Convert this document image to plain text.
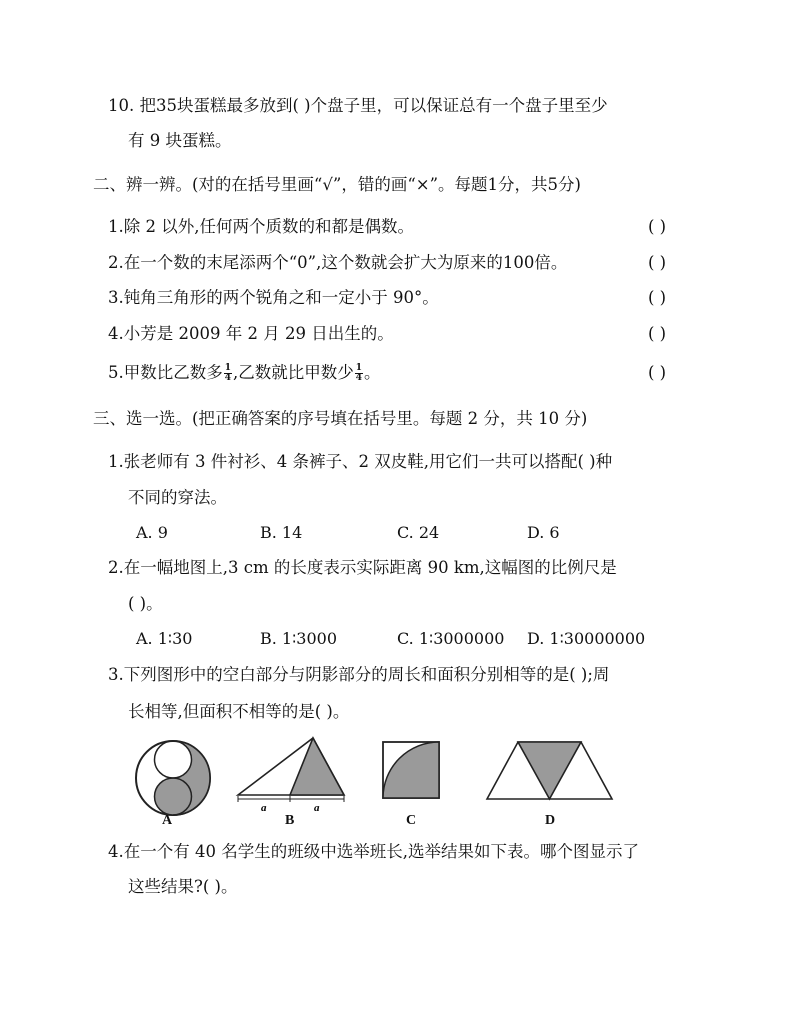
10. 把35块蛋糕最多放到( )个盘子里，可以保证总有一个盘子里至少
有 9 块蛋糕。
二、辨一辨。(对的在括号里画“√”，错的画“×”。每题1分，共5分)
1.除 2 以外,任何两个质数的和都是偶数。	( )
2.在一个数的末尾添两个“0”,这个数就会扩大为原来的100倍。	( )
3.钝角三角形的两个锐角之和一定小于 90°。	( )
4.小芳是 2009 年 2 月 29 日出生的。	( )
5.甲数比乙数多 $\frac{1}{4}$ ,乙数就比甲数少 $\frac{1}{4}$ 。	( )
三、选一选。(把正确答案的序号填在括号里。每题 2 分，共 10 分)
1.张老师有 3 件衬衫、4 条裤子、2 双皮鞋,用它们一共可以搭配( )种
不同的穿法。
A. 9	B. 14	C. 24	D. 6
2.在一幅地图上,3 cm 的长度表示实际距离 90 km,这幅图的比例尺是
( )。
A. 1∶30	B. 1∶3000	C. 1∶3000000 D. 1∶30000000
3.下列图形中的空白部分与阴影部分的周长和面积分别相等的是( );周
长相等,但面积不相等的是( )。
A
a	a
B	C	D
4.在一个有 40 名学生的班级中选举班长,选举结果如下表。哪个图显示了
这些结果?( )。
